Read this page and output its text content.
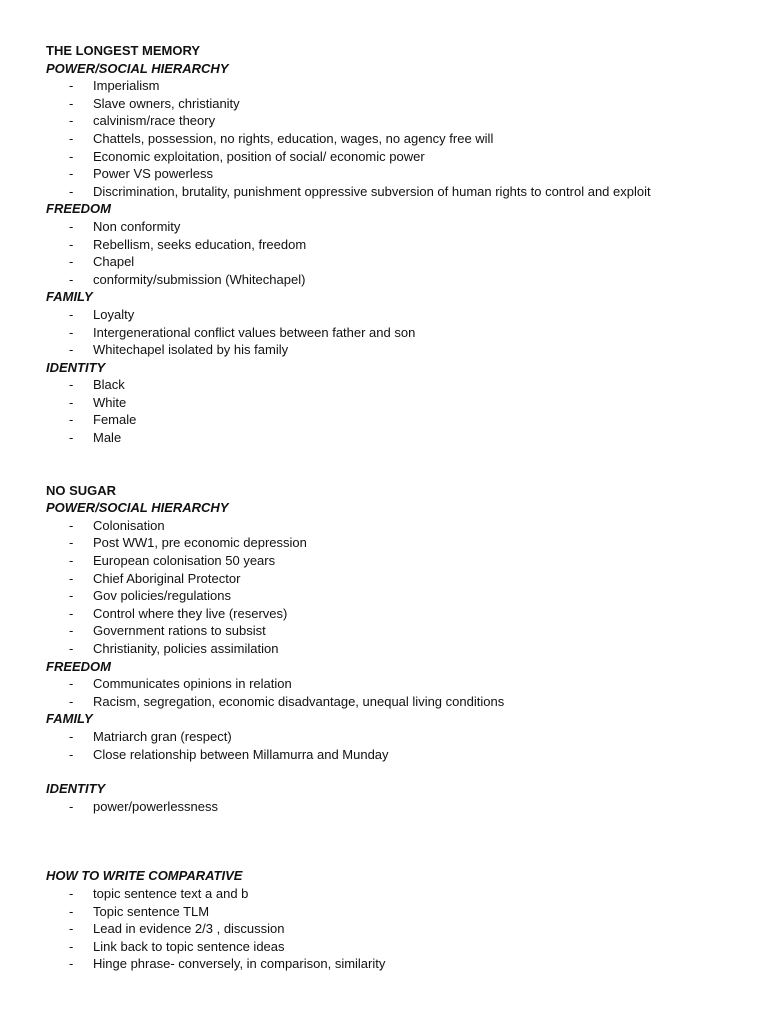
THE LONGEST MEMORY

POWER/SOCIAL HIERARCHY

- Imperialism
- Slave owners, christianity
- calvinism/race theory
- Chattels, possession, no rights, education, wages, no agency free will
- Economic exploitation, position of social/ economic power
- Power VS powerless
- Discrimination, brutality, punishment oppressive subversion of human rights to control and exploit

FREEDOM

- Non conformity
- Rebellism, seeks education, freedom
- Chapel
- conformity/submission (Whitechapel)

FAMILY

- Loyalty
- Intergenerational conflict values between father and son
- Whitechapel isolated by his family

IDENTITY

- Black
- White
- Female
- Male

NO SUGAR

POWER/SOCIAL HIERARCHY

- Colonisation
- Post WW1, pre economic depression
- European colonisation 50 years
- Chief Aboriginal Protector
- Gov policies/regulations
- Control where they live (reserves)
- Government rations to subsist
- Christianity, policies assimilation

FREEDOM

- Communicates opinions in relation
- Racism, segregation, economic disadvantage, unequal living conditions

FAMILY

- Matriarch gran (respect)
- Close relationship between Millamurra and Munday

IDENTITY

- power/powerlessness

HOW TO WRITE COMPARATIVE

- topic sentence text a and b
- Topic sentence TLM
- Lead in evidence 2/3 , discussion
- Link back to topic sentence ideas
- Hinge phrase- conversely, in comparison, similarity
